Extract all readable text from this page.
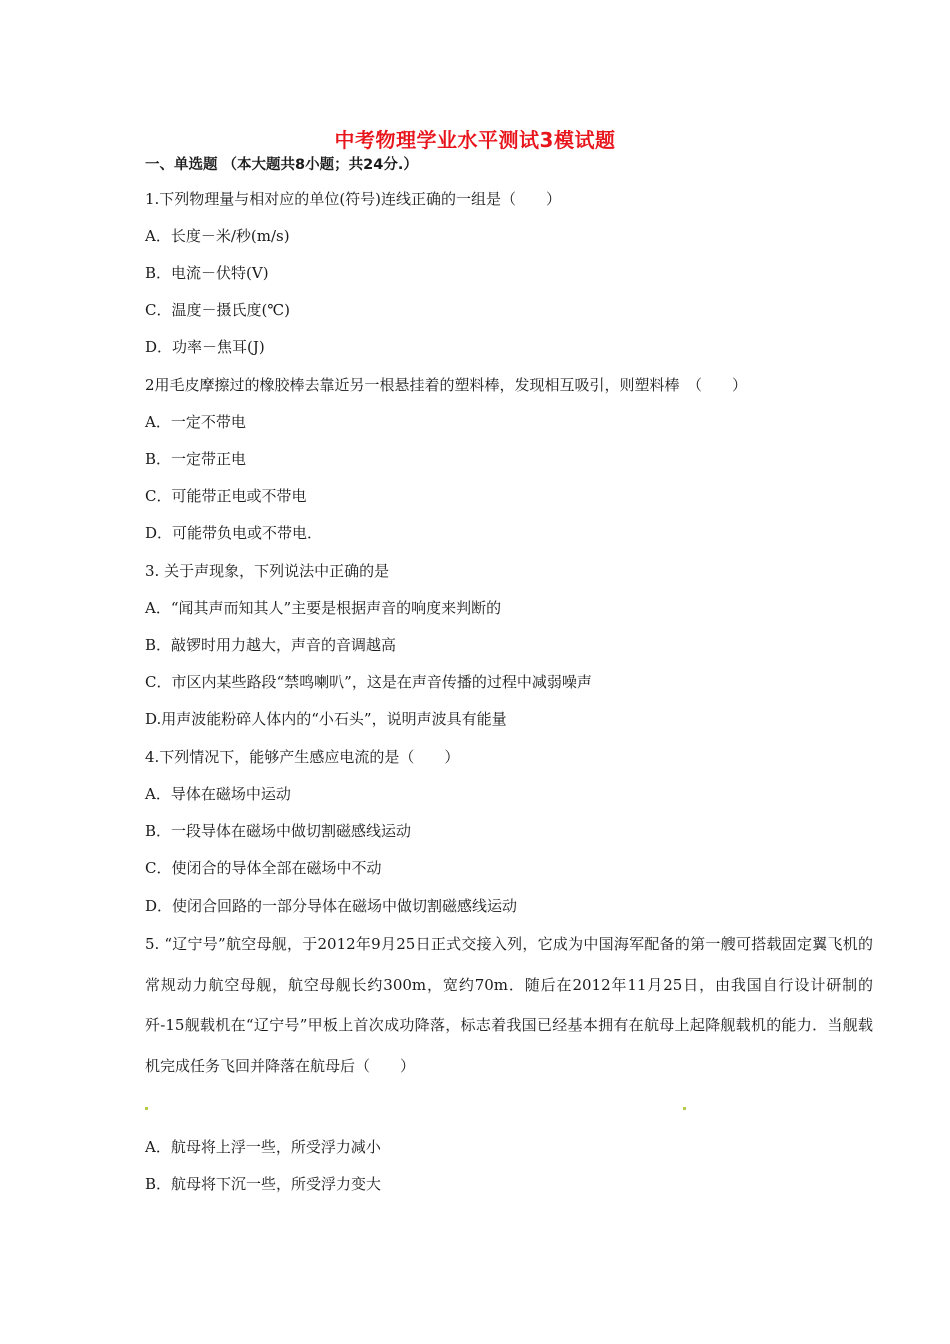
中考物理学业水平测试3模试题
一、单选题 （本大题共8小题；共24分.）
1.下列物理量与相对应的单位(符号)连线正确的一组是（　　）
A．长度－米/秒(m/s)
B．电流－伏特(V)
C．温度－摄氏度(℃)
D．功率－焦耳(J)
2用毛皮摩擦过的橡胶棒去靠近另一根悬挂着的塑料棒，发现相互吸引，则塑料棒　（　　）
A．一定不带电
B．一定带正电
C．可能带正电或不带电
D．可能带负电或不带电．
3. 关于声现象，下列说法中正确的是
A．“闻其声而知其人”主要是根据声音的响度来判断的
B．敲锣时用力越大，声音的音调越高
C．市区内某些路段“禁鸣喇叭”，这是在声音传播的过程中减弱噪声
D.用声波能粉碎人体内的“小石头”，说明声波具有能量
4.下列情况下，能够产生感应电流的是（　　）
A．导体在磁场中运动
B．一段导体在磁场中做切割磁感线运动
C．使闭合的导体全部在磁场中不动
D．使闭合回路的一部分导体在磁场中做切割磁感线运动
5. “辽宁号”航空母舰，于2012年9月25日正式交接入列，它成为中国海军配备的第一艘可搭载固定翼飞机的常规动力航空母舰，航空母舰长约300m，宽约70m．随后在2012年11月25日，由我国自行设计研制的歼-15舰载机在“辽宁号”甲板上首次成功降落，标志着我国已经基本拥有在航母上起降舰载机的能力．当舰载机完成任务飞回并降落在航母后（　　）
A．航母将上浮一些，所受浮力减小
B．航母将下沉一些，所受浮力变大
